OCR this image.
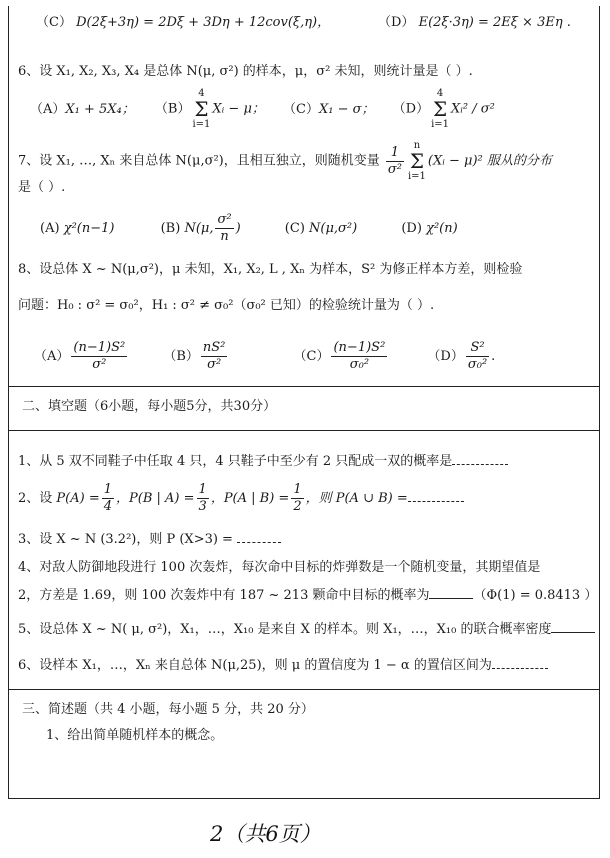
（C） D(2ξ+3η) = 2Dξ + 3Dη + 12cov(ξ,η)，	（D） E(2ξ·3η) = 2Eξ × 3Eη .
6、设 X₁, X₂, X₃, X₄ 是总体 N(μ, σ²) 的样本，μ，σ² 未知，则统计量是（ ）.
（A）X₁ + 5X₄； （B）4
Σ
i=1Xᵢ − μ； （C）X₁ − σ； （D）4
Σ
i=1Xᵢ² / σ²
7、设 X₁, …, Xₙ 来自总体 N(μ,σ²)，且相互独立，则随机变量 $\frac{1}{\text{σ²}}$ n
Σ
i=1(Xᵢ − μ)² 服从的分布
是（ ）.
(A) χ²(n−1)	(B) N(μ, $\frac{\text{σ²}}{n}$ )	(C) N(μ,σ²)	(D) χ²(n)
8、设总体 X ~ N(μ,σ²)，μ 未知，X₁, X₂, L , Xₙ 为样本，S² 为修正样本方差，则检验
问题：H₀ : σ² = σ₀²，H₁ : σ² ≠ σ₀²（σ₀² 已知）的检验统计量为（ ）.
$(A) \frac{\text{(n−1)S²}}{\text{σ²}}$	$(B) \frac{\text{nS²}}{\text{σ²}}$	$(C) \frac{\text{(n−1)S²}}{\text{σ₀²}}$	$(D) \frac{\text{S²}}{\text{σ₀²}}$ .
二、填空题（6小题，每小题5分，共30分）
1、从 5 双不同鞋子中任取 4 只，4 只鞋子中至少有 2 只配成一双的概率是
2、设 $P(A) = \frac{1}{4}$ ，P(B | $A) = \frac{1}{3}$ ，P(A | $B) = \frac{1}{2}$ ，则 P(A ∪ B) =
3、设 X ~ N (3.2²)，则 P (X>3) =
4、对敌人防御地段进行 100 次轰炸，每次命中目标的炸弹数是一个随机变量，其期望值是
2，方差是 1.69，则 100 次轰炸中有 187 ~ 213 颗命中目标的概率为	（Φ(1) = 0.8413 ）
5、设总体 X ~ N( μ, σ²)，X₁，…，X₁₀ 是来自 X 的样本。则 X₁，…，X₁₀ 的联合概率密度
6、设样本 X₁，…，Xₙ 来自总体 N(μ,25)，则 μ 的置信度为 1 − α 的置信区间为
三、简述题（共 4 小题，每小题 5 分，共 20 分）
1、给出简单随机样本的概念。
2（共6页）
